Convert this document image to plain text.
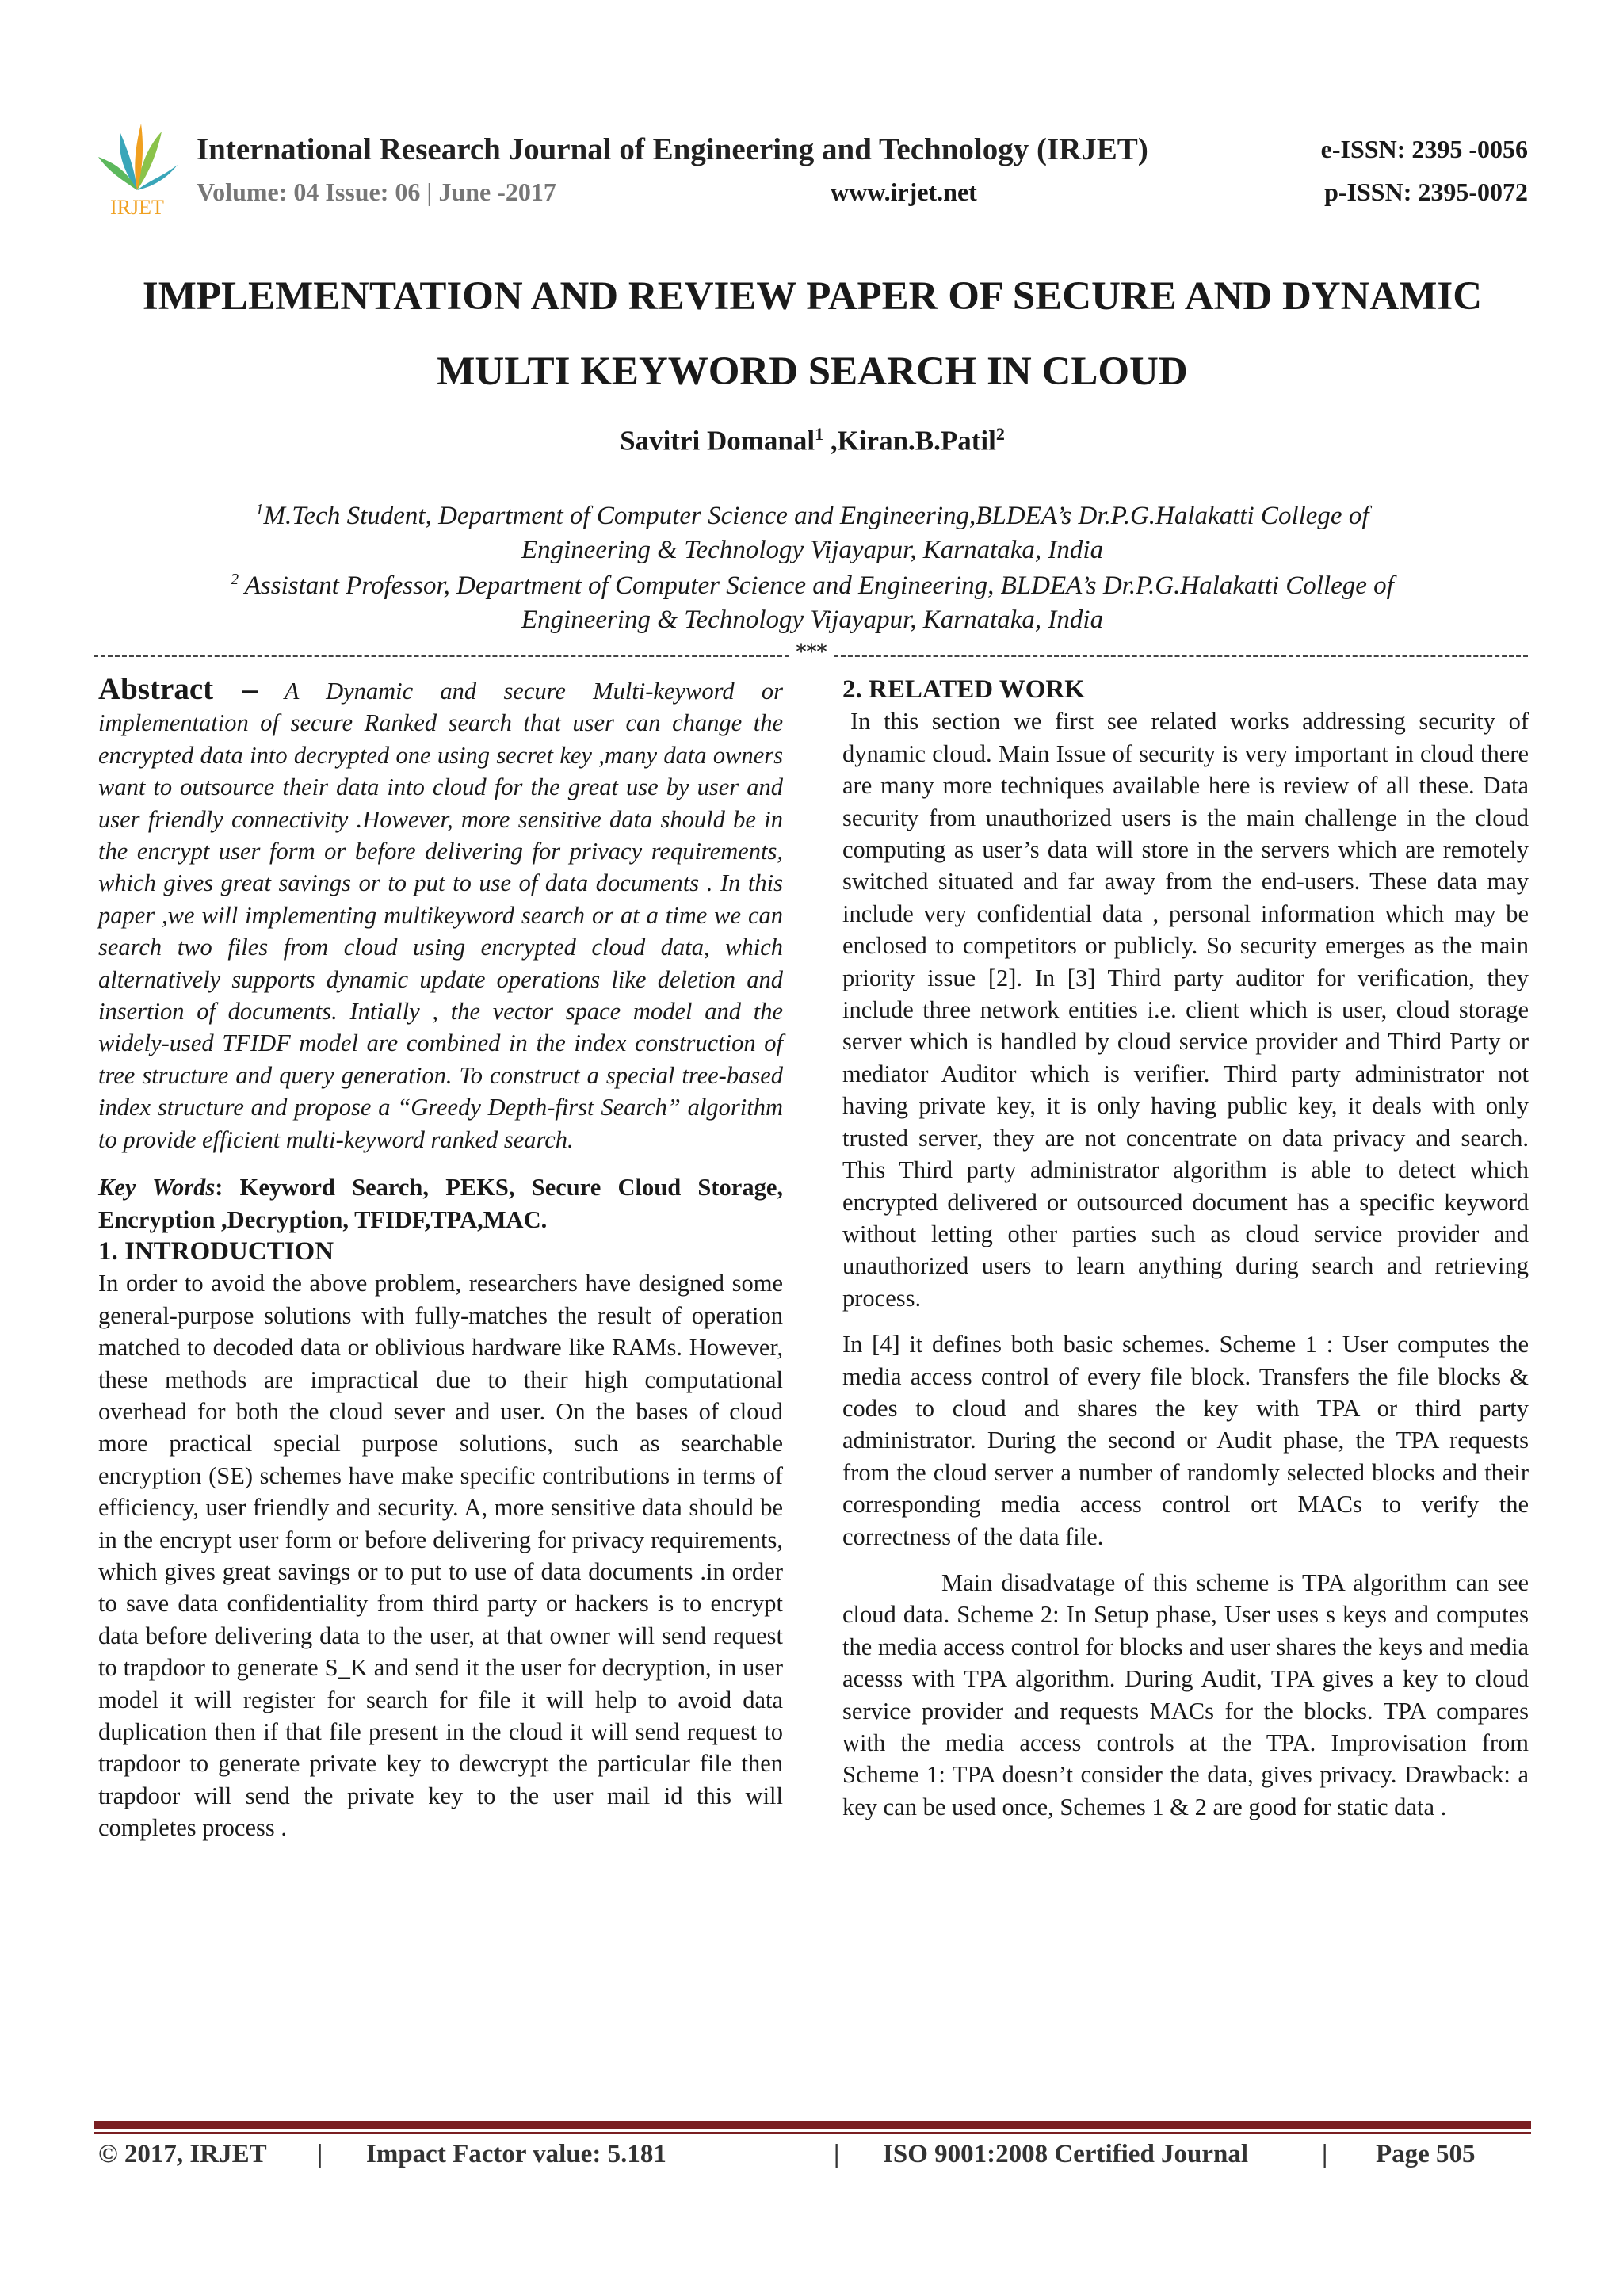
IRJET
International Research Journal of Engineering and Technology (IRJET)	e-ISSN: 2395 -0056
Volume: 04 Issue: 06 | June -2017	www.irjet.net	p-ISSN: 2395-0072
IMPLEMENTATION AND REVIEW PAPER OF SECURE AND DYNAMIC
MULTI KEYWORD SEARCH IN CLOUD
Savitri Domanal$^1$ ,Kiran.B.Patil$^2$
$^1$M.Tech Student, Department of Computer Science and Engineering,BLDEA’s Dr.P.G.Halakatti College of
Engineering & Technology Vijayapur, Karnataka, India
$^2$ Assistant Professor, Department of Computer Science and Engineering, BLDEA’s Dr.P.G.Halakatti College of
Engineering & Technology Vijayapur, Karnataka, India
***

Abstract – A Dynamic and secure Multi-keyword or implementation of secure Ranked search that user can change the encrypted data into decrypted one using secret key ,many data owners want to outsource their data into cloud for the great use by user and user friendly connectivity .However, more sensitive data should be in the encrypt user form or before delivering for privacy requirements, which gives great savings or to put to use of data documents . In this paper ,we will implementing multikeyword search or at a time we can search two files from cloud using encrypted cloud data, which alternatively supports dynamic update operations like deletion and insertion of documents. Intially , the vector space model and the widely-used TFIDF model are combined in the index construction of tree structure and query generation. To construct a special tree-based index structure and propose a “Greedy Depth-first Search” algorithm to provide efficient multi-keyword ranked search.

Key Words: Keyword Search, PEKS, Secure Cloud Storage, Encryption ,Decryption, TFIDF,TPA,MAC.

1. INTRODUCTION

In order to avoid the above problem, researchers have designed some general-purpose solutions with fully-matches the result of operation matched to decoded data or oblivious hardware like RAMs. However, these methods are impractical due to their high computational overhead for both the cloud sever and user. On the bases of cloud more practical special purpose solutions, such as searchable encryption (SE) schemes have make specific contributions in terms of efficiency, user friendly and security. A, more sensitive data should be in the encrypt user form or before delivering for privacy requirements, which gives great savings or to put to use of data documents .in order to save data confidentiality from third party or hackers is to encrypt data before delivering data to the user, at that owner will send request to trapdoor to generate S_K and send it the user for decryption, in user model it will register for search for file it will help to avoid data duplication then if that file present in the cloud it will send request to trapdoor to generate private key to dewcrypt the particular file then trapdoor will send the private key to the user mail id this will completes process .

2. RELATED WORK

In this section we first see related works addressing security of dynamic cloud. Main Issue of security is very important in cloud there are many more techniques available here is review of all these. Data security from unauthorized users is the main challenge in the cloud computing as user’s data will store in the servers which are remotely switched situated and far away from the end-users. These data may include very confidential data , personal information which may be enclosed to competitors or publicly. So security emerges as the main priority issue [2]. In [3] Third party auditor for verification, they include three network entities i.e. client which is user, cloud storage server which is handled by cloud service provider and Third Party or mediator Auditor which is verifier. Third party administrator not having private key, it is only having public key, it deals with only trusted server, they are not concentrate on data privacy and search. This Third party administrator algorithm is able to detect which encrypted delivered or outsourced document has a specific keyword without letting other parties such as cloud service provider and unauthorized users to learn anything during search and retrieving process.

In [4] it defines both basic schemes. Scheme 1 : User computes the media access control of every file block. Transfers the file blocks & codes to cloud and shares the key with TPA or third party administrator. During the second or Audit phase, the TPA requests from the cloud server a number of randomly selected blocks and their corresponding media access control ort MACs to verify the correctness of the data file.

Main disadvatage of this scheme is TPA algorithm can see cloud data. Scheme 2: In Setup phase, User uses s keys and computes the media access control for blocks and user shares the keys and media acesss with TPA algorithm. During Audit, TPA gives a key to cloud service provider and requests MACs for the blocks. TPA compares with the media access controls at the TPA. Improvisation from Scheme 1: TPA doesn’t consider the data, gives privacy. Drawback: a key can be used once, Schemes 1 & 2 are good for static data .

© 2017, IRJET | Impact Factor value: 5.181	| ISO 9001:2008 Certified Journal	| Page 505
